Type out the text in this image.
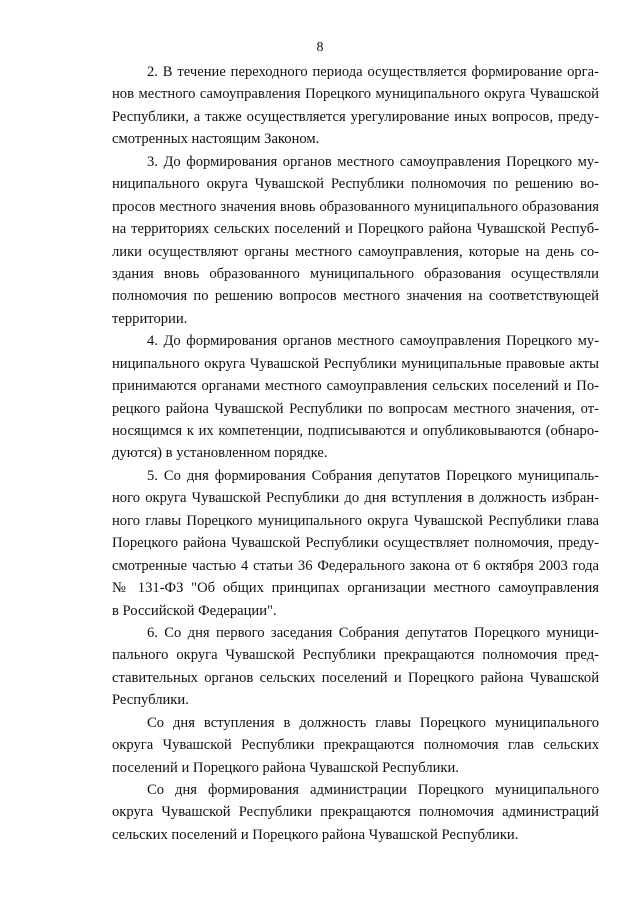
8
2. В течение переходного периода осуществляется формирование орга-
нов местного самоуправления Порецкого муниципального округа Чувашской
Республики, а также осуществляется урегулирование иных вопросов, преду-
смотренных настоящим Законом.
3. До формирования органов местного самоуправления Порецкого му-
ниципального округа Чувашской Республики полномочия по решению во-
просов местного значения вновь образованного муниципального образования
на территориях сельских поселений и Порецкого района Чувашской Респуб-
лики осуществляют органы местного самоуправления, которые на день со-
здания вновь образованного муниципального образования осуществляли
полномочия по решению вопросов местного значения на соответствующей
территории.
4. До формирования органов местного самоуправления Порецкого му-
ниципального округа Чувашской Республики муниципальные правовые акты
принимаются органами местного самоуправления сельских поселений и По-
рецкого района Чувашской Республики по вопросам местного значения, от-
носящимся к их компетенции, подписываются и опубликовываются (обнаро-
дуются) в установленном порядке.
5. Со дня формирования Собрания депутатов Порецкого муниципаль-
ного округа Чувашской Республики до дня вступления в должность избран-
ного главы Порецкого муниципального округа Чувашской Республики глава
Порецкого района Чувашской Республики осуществляет полномочия, преду-
смотренные частью 4 статьи 36 Федерального закона от 6 октября 2003 года
№ 131-ФЗ "Об общих принципах организации местного самоуправления
в Российской Федерации".
6. Со дня первого заседания Собрания депутатов Порецкого муници-
пального округа Чувашской Республики прекращаются полномочия пред-
ставительных органов сельских поселений и Порецкого района Чувашской
Республики.
Со дня вступления в должность главы Порецкого муниципального
округа Чувашской Республики прекращаются полномочия глав сельских
поселений и Порецкого района Чувашской Республики.
Со дня формирования администрации Порецкого муниципального
округа Чувашской Республики прекращаются полномочия администраций
сельских поселений и Порецкого района Чувашской Республики.
